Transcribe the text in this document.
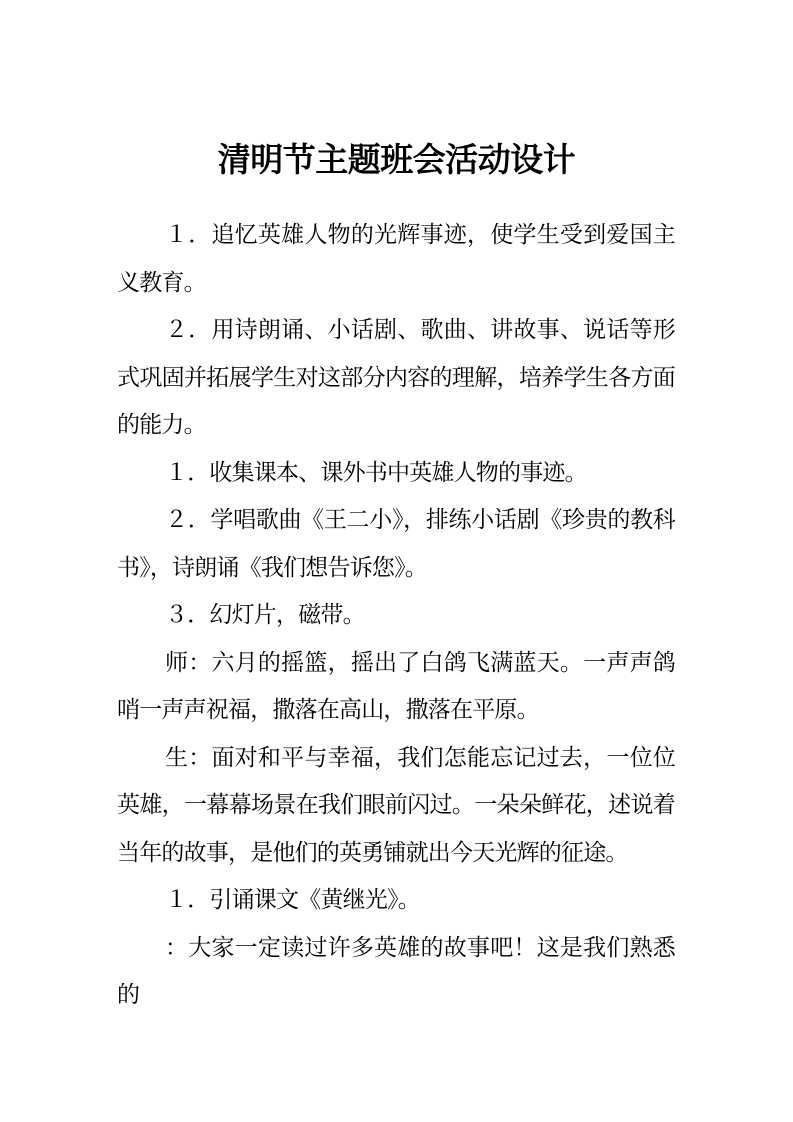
清明节主题班会活动设计

１．追忆英雄人物的光辉事迹，使学生受到爱国主义教育。

２．用诗朗诵、小话剧、歌曲、讲故事、说话等形式巩固并拓展学生对这部分内容的理解，培养学生各方面的能力。

１．收集课本、课外书中英雄人物的事迹。

２．学唱歌曲《王二小》，排练小话剧《珍贵的教科书》，诗朗诵《我们想告诉您》。

３．幻灯片，磁带。

师：六月的摇篮，摇出了白鸽飞满蓝天。一声声鸽哨一声声祝福，撒落在高山，撒落在平原。

生：面对和平与幸福，我们怎能忘记过去，一位位英雄，一幕幕场景在我们眼前闪过。一朵朵鲜花，述说着当年的故事，是他们的英勇铺就出今天光辉的征途。

１．引诵课文《黄继光》。

：大家一定读过许多英雄的故事吧！这是我们熟悉的
